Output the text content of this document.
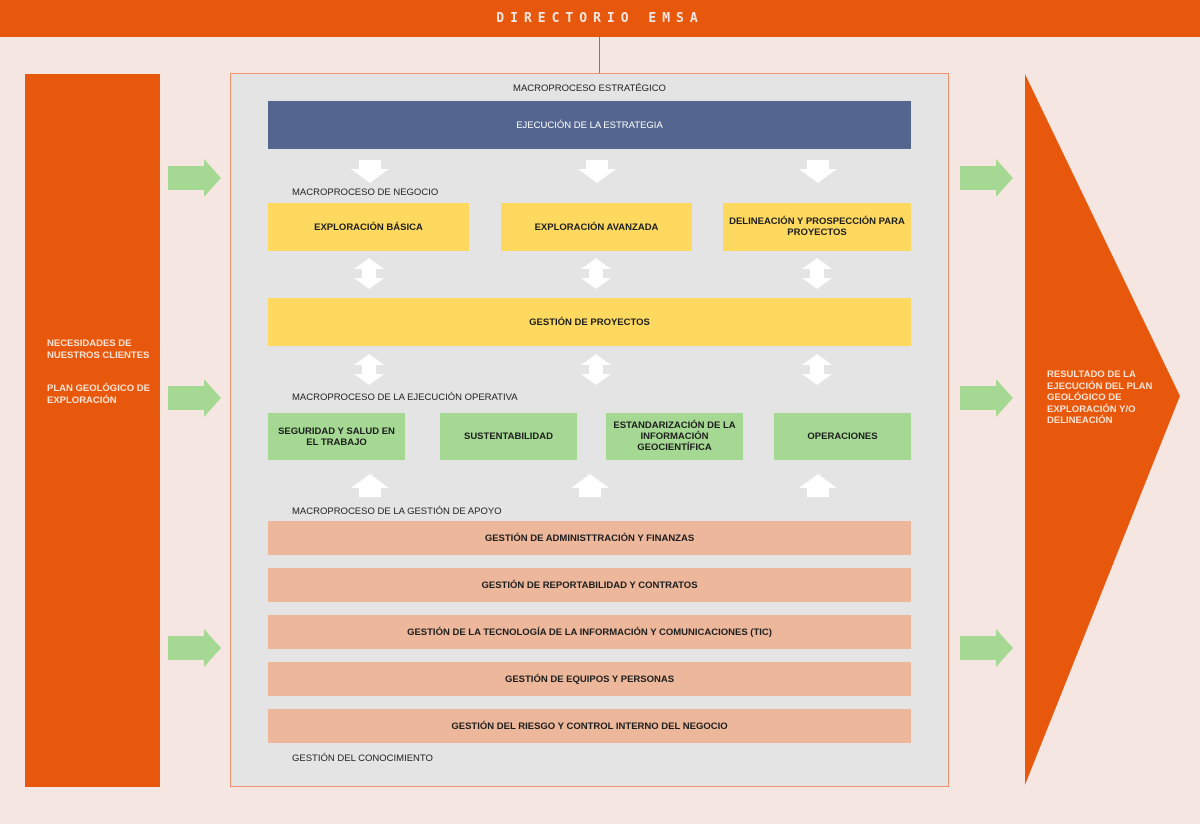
DIRECTORIO EMSA
NECESIDADES DE NUESTROS CLIENTES
PLAN GEOLÓGICO DE EXPLORACIÓN
RESULTADO DE LA EJECUCIÓN DEL PLAN GEOLÓGICO DE EXPLORACIÓN Y/O DELINEACIÓN
MACROPROCESO ESTRATÉGICO
EJECUCIÓN DE LA ESTRATEGIA
MACROPROCESO DE NEGOCIO
EXPLORACIÓN BÁSICA	EXPLORACIÓN AVANZADA	DELINEACIÓN Y PROSPECCIÓN PARA PROYECTOS
GESTIÓN DE PROYECTOS
MACROPROCESO DE LA EJECUCIÓN OPERATIVA
SEGURIDAD Y SALUD EN EL TRABAJO	SUSTENTABILIDAD
ESTANDARIZACIÓN DE LA INFORMACIÓN GEOCIENTÍFICA
OPERACIONES
MACROPROCESO DE LA GESTIÓN DE APOYO
GESTIÓN DE ADMINISTTRACIÓN Y FINANZAS
GESTIÓN DE REPORTABILIDAD Y CONTRATOS
GESTIÓN DE LA TECNOLOGÍA DE LA INFORMACIÓN Y COMUNICACIONES (TIC)
GESTIÓN DE EQUIPOS Y PERSONAS
GESTIÓN DEL RIESGO Y CONTROL INTERNO DEL NEGOCIO
GESTIÓN DEL CONOCIMIENTO
